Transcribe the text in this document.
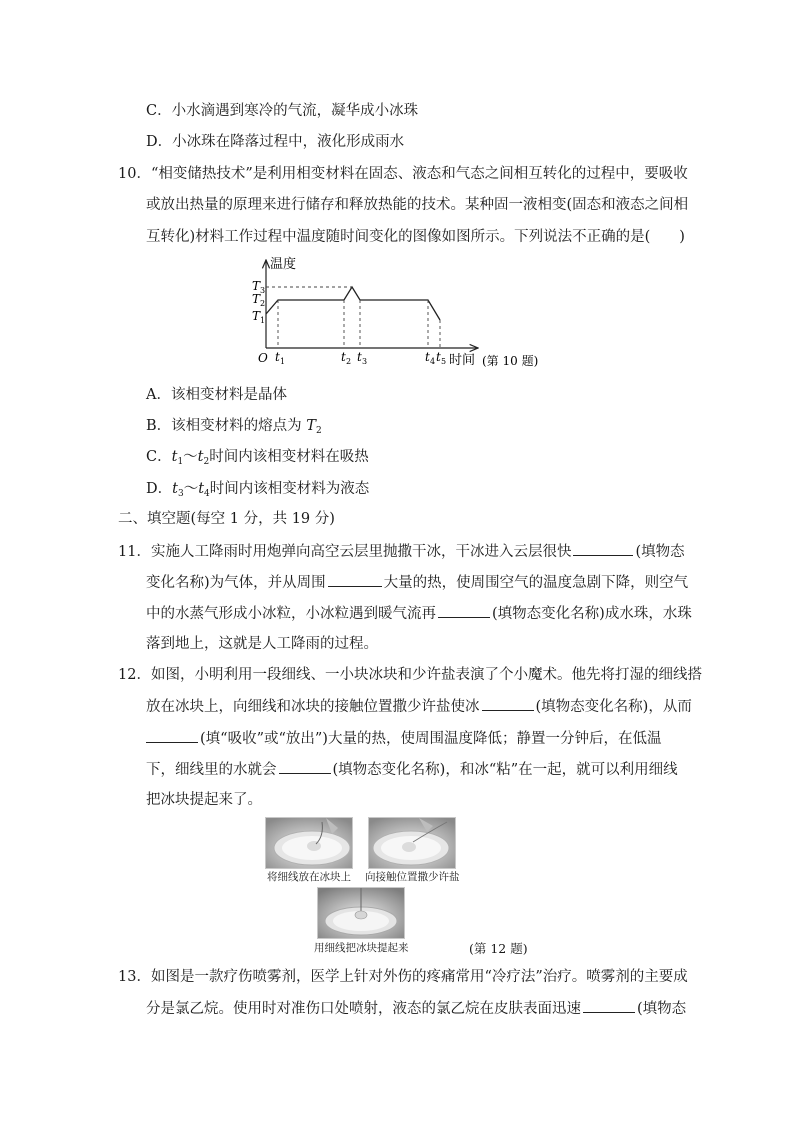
C．小水滴遇到寒冷的气流，凝华成小冰珠
D．小冰珠在降落过程中，液化形成雨水
10．“相变储热技术”是利用相变材料在固态、液态和气态之间相互转化的过程中，要吸收
或放出热量的原理来进行储存和释放热能的技术。某种固一液相变(固态和液态之间相
互转化)材料工作过程中温度随时间变化的图像如图所示。下列说法不正确的是(　　)
温度
时间
O
T 3
T 2
T 1
t 1	t 2 t 3	t 4 t 5	(第 10 题)
A．该相变材料是晶体
B．该相变材料的熔点为 $T_2$
C．$t_1\sim t_2$时间内该相变材料在吸热
D．$t_3\sim t_4$时间内该相变材料为液态
二、填空题(每空 1 分，共 19 分)
11．实施人工降雨时用炮弹向高空云层里抛撒干冰，干冰进入云层很快	(填物态
变化名称)为气体，并从周围	大量的热，使周围空气的温度急剧下降，则空气
中的水蒸气形成小冰粒，小冰粒遇到暖气流再	(填物态变化名称)成水珠，水珠
落到地上，这就是人工降雨的过程。
12．如图，小明利用一段细线、一小块冰块和少许盐表演了个小魔术。他先将打湿的细线搭
放在冰块上，向细线和冰块的接触位置撒少许盐使冰	(填物态变化名称)，从而
(填“吸收”或“放出”)大量的热，使周围温度降低；静置一分钟后，在低温
下，细线里的水就会	(填物态变化名称)，和冰“粘”在一起，就可以利用细线
把冰块提起来了。
将细线放在冰块上 向接触位置撒少许盐
用细线把冰块提起来	(第 12 题)
13．如图是一款疗伤喷雾剂，医学上针对外伤的疼痛常用“冷疗法”治疗。喷雾剂的主要成
分是氯乙烷。使用时对准伤口处喷射，液态的氯乙烷在皮肤表面迅速	(填物态
